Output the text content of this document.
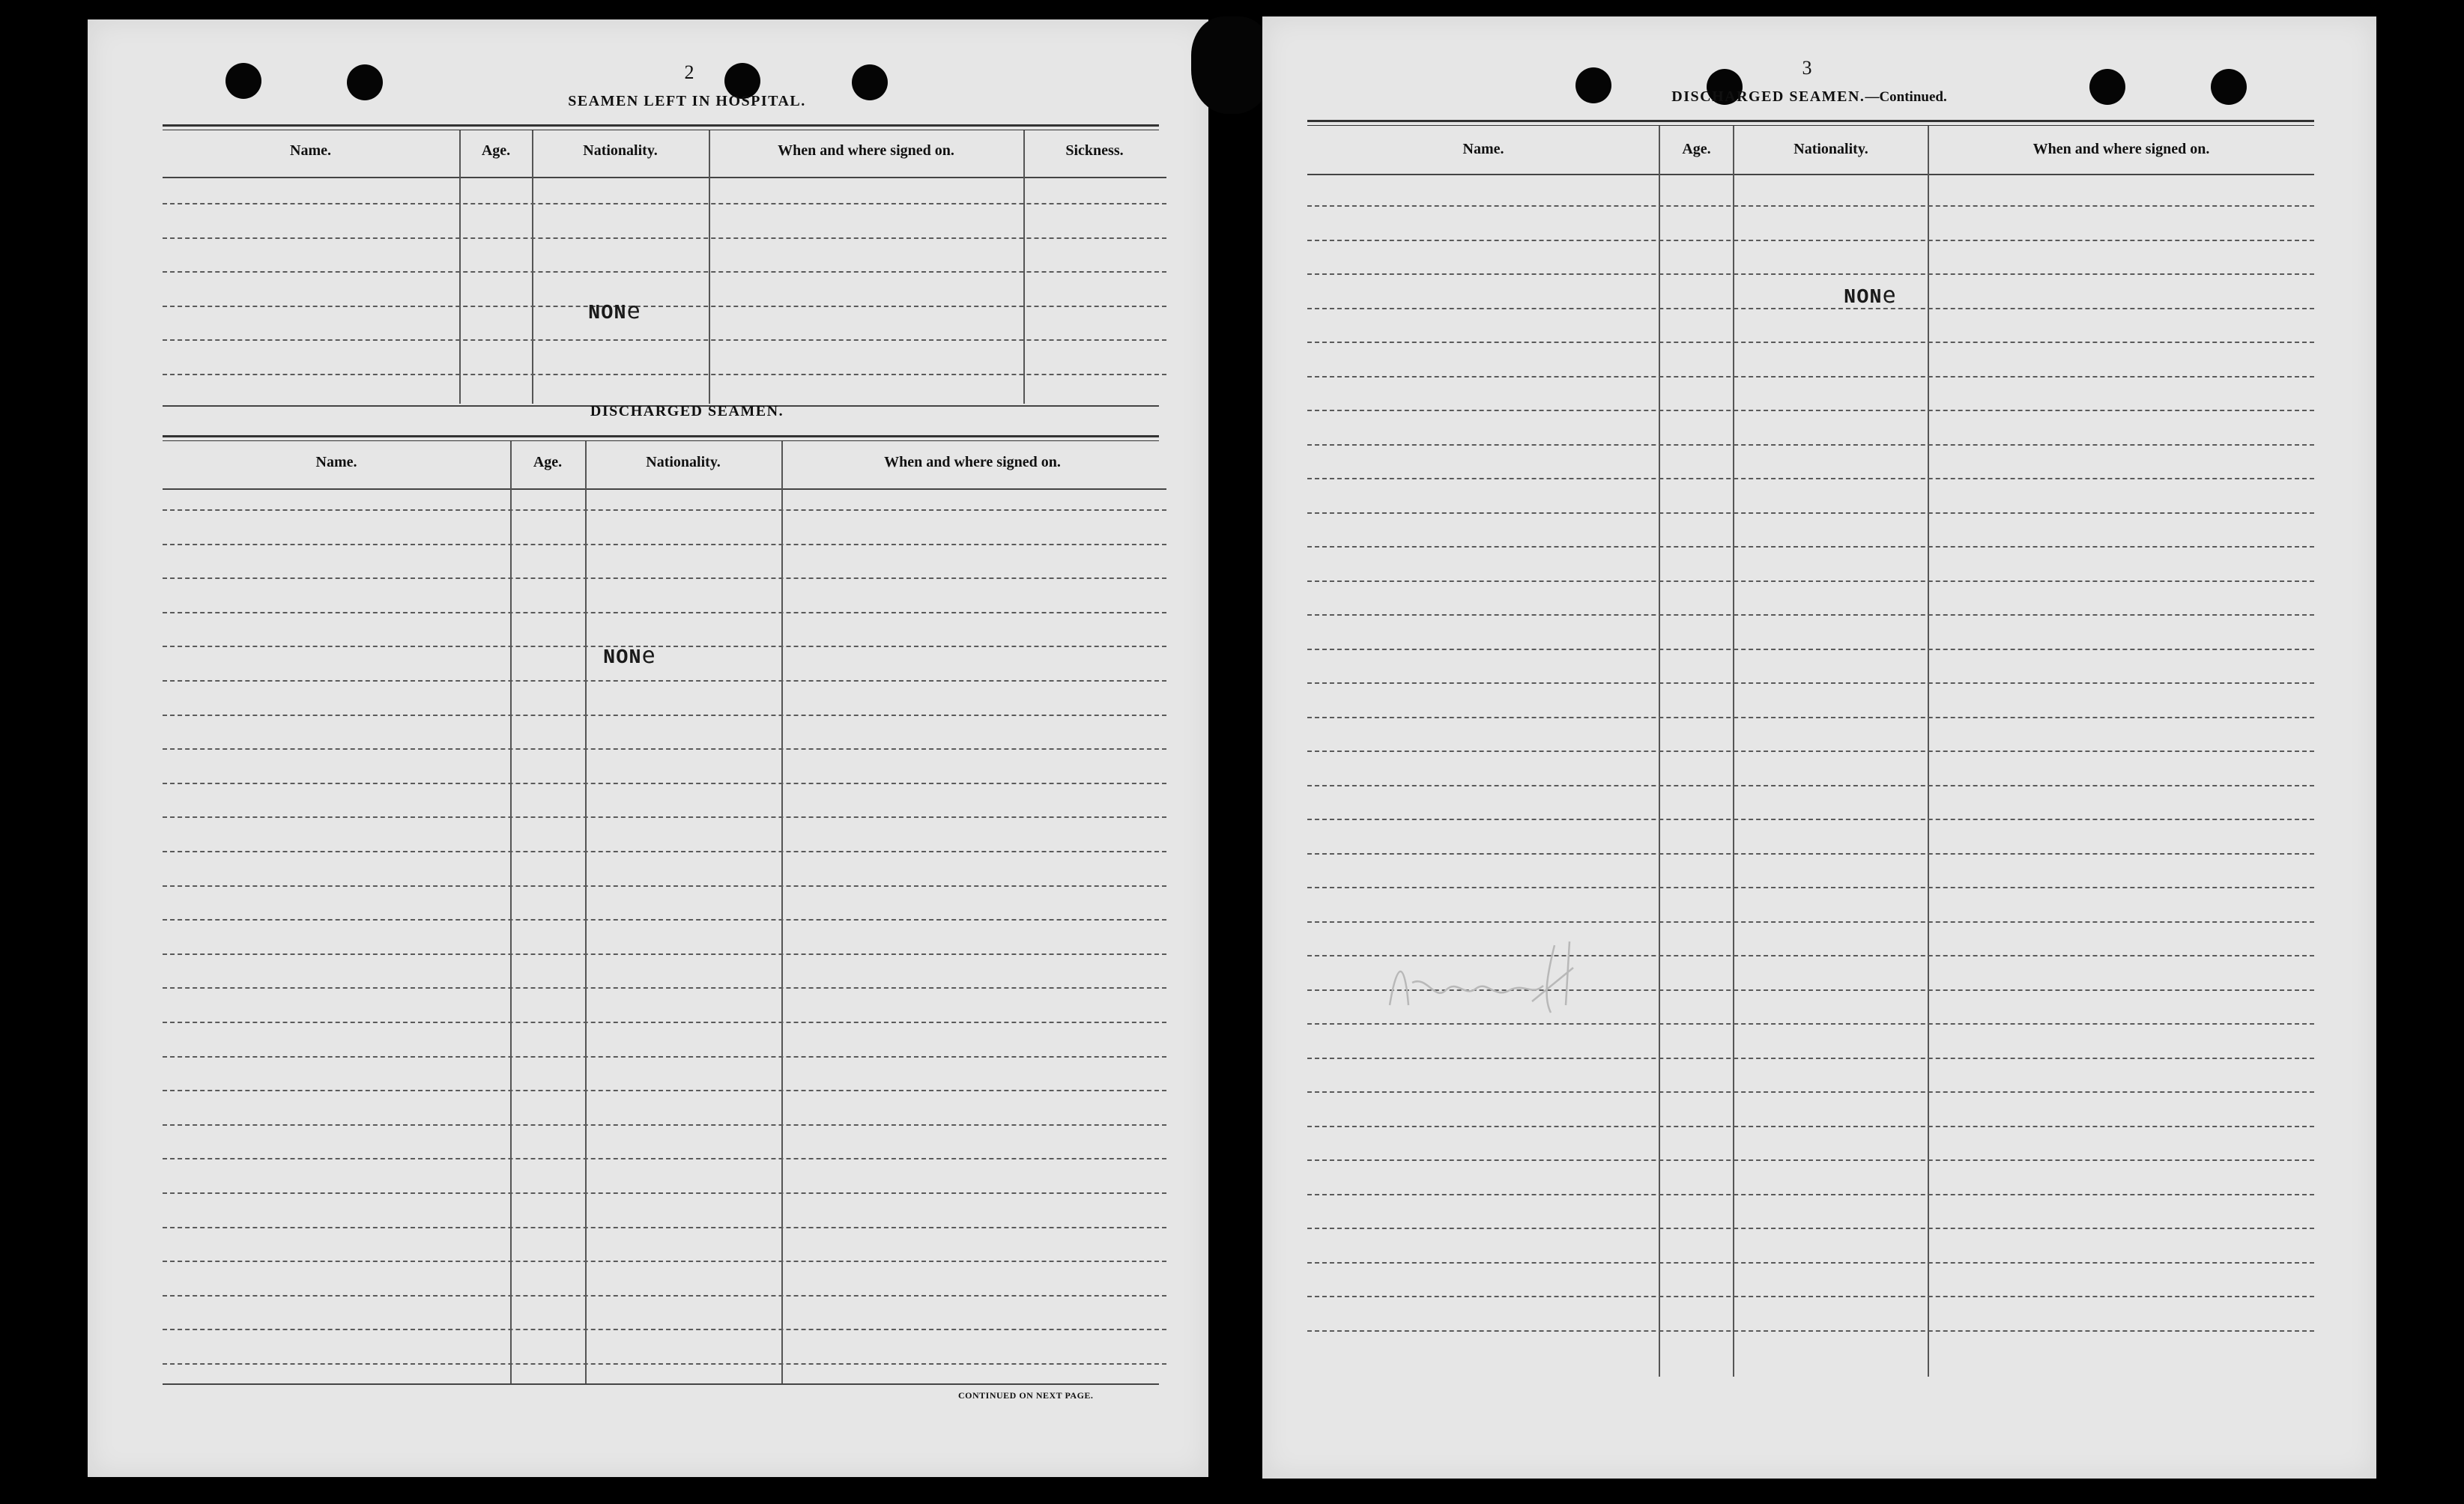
2
SEAMEN LEFT IN HOSPITAL.
Name.	Age.	Nationality.	When and where signed on.	Sickness.
NONe
DISCHARGED SEAMEN.
Name.	Age.	Nationality.	When and where signed on.
NONe
CONTINUED ON NEXT PAGE.
3
DISCHARGED SEAMEN.—Continued.
Name.	Age.	Nationality.	When and where signed on.
NONe
